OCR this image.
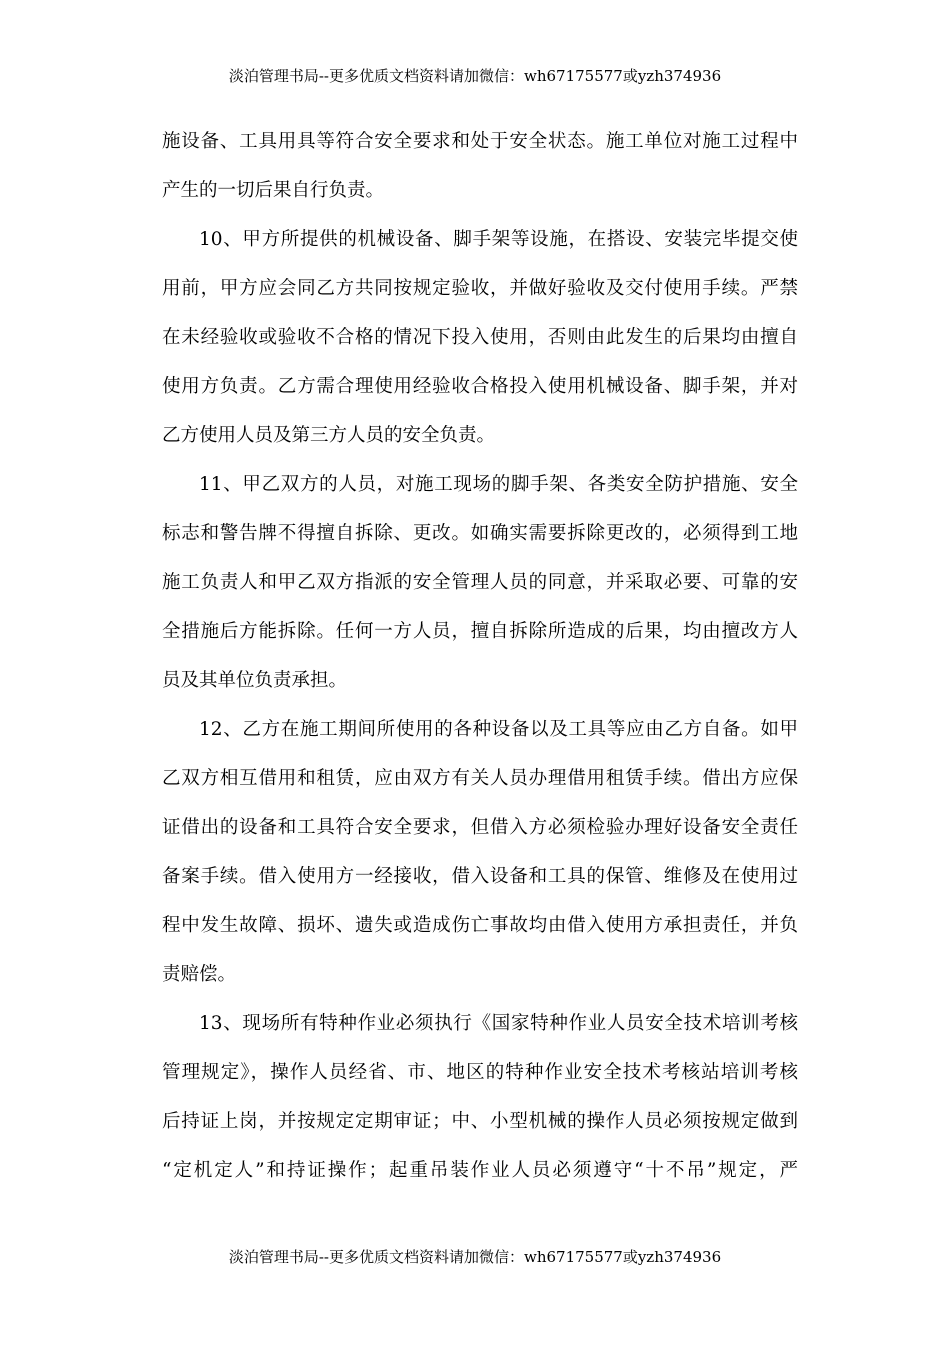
淡泊管理书局--更多优质文档资料请加微信：wh67175577或yzh374936
施设备、工具用具等符合安全要求和处于安全状态。施工单位对施工过程中
产生的一切后果自行负责。
10、甲方所提供的机械设备、脚手架等设施，在搭设、安装完毕提交使
用前，甲方应会同乙方共同按规定验收，并做好验收及交付使用手续。严禁
在未经验收或验收不合格的情况下投入使用，否则由此发生的后果均由擅自
使用方负责。乙方需合理使用经验收合格投入使用机械设备、脚手架，并对
乙方使用人员及第三方人员的安全负责。
11、甲乙双方的人员，对施工现场的脚手架、各类安全防护措施、安全
标志和警告牌不得擅自拆除、更改。如确实需要拆除更改的，必须得到工地
施工负责人和甲乙双方指派的安全管理人员的同意，并采取必要、可靠的安
全措施后方能拆除。任何一方人员，擅自拆除所造成的后果，均由擅改方人
员及其单位负责承担。
12、乙方在施工期间所使用的各种设备以及工具等应由乙方自备。如甲
乙双方相互借用和租赁，应由双方有关人员办理借用租赁手续。借出方应保
证借出的设备和工具符合安全要求，但借入方必须检验办理好设备安全责任
备案手续。借入使用方一经接收，借入设备和工具的保管、维修及在使用过
程中发生故障、损坏、遗失或造成伤亡事故均由借入使用方承担责任，并负
责赔偿。
13、现场所有特种作业必须执行《国家特种作业人员安全技术培训考核
管理规定》，操作人员经省、市、地区的特种作业安全技术考核站培训考核
后持证上岗，并按规定定期审证；中、小型机械的操作人员必须按规定做到
“定机定人”和持证操作；起重吊装作业人员必须遵守“十不吊”规定，严
淡泊管理书局--更多优质文档资料请加微信：wh67175577或yzh374936
